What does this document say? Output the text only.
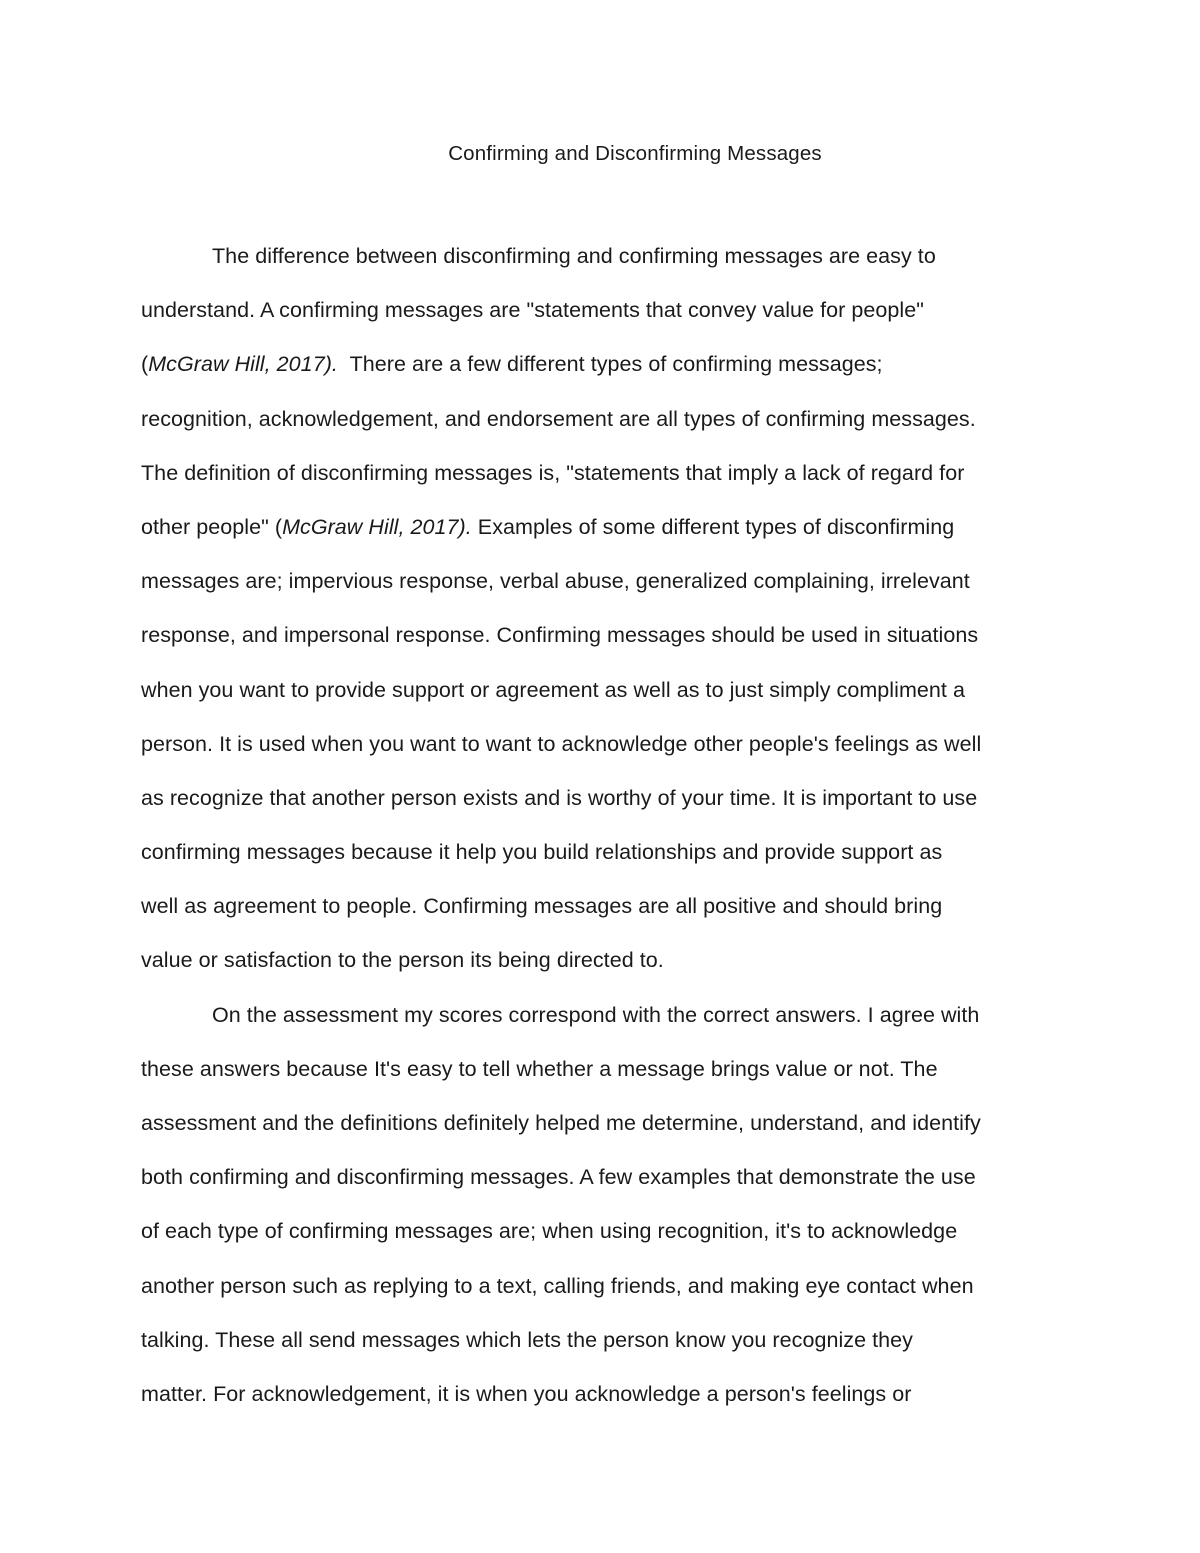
Confirming and Disconfirming Messages
The difference between disconfirming and confirming messages are easy to
understand. A confirming messages are "statements that convey value for people"
(McGraw Hill, 2017).  There are a few different types of confirming messages;
recognition, acknowledgement, and endorsement are all types of confirming messages.
The definition of disconfirming messages is, "statements that imply a lack of regard for
other people" (McGraw Hill, 2017). Examples of some different types of disconfirming
messages are; impervious response, verbal abuse, generalized complaining, irrelevant
response, and impersonal response. Confirming messages should be used in situations
when you want to provide support or agreement as well as to just simply compliment a
person. It is used when you want to want to acknowledge other people's feelings as well
as recognize that another person exists and is worthy of your time. It is important to use
confirming messages because it help you build relationships and provide support as
well as agreement to people. Confirming messages are all positive and should bring
value or satisfaction to the person its being directed to.
On the assessment my scores correspond with the correct answers. I agree with
these answers because It's easy to tell whether a message brings value or not. The
assessment and the definitions definitely helped me determine, understand, and identify
both confirming and disconfirming messages. A few examples that demonstrate the use
of each type of confirming messages are; when using recognition, it's to acknowledge
another person such as replying to a text, calling friends, and making eye contact when
talking. These all send messages which lets the person know you recognize they
matter. For acknowledgement, it is when you acknowledge a person's feelings or
